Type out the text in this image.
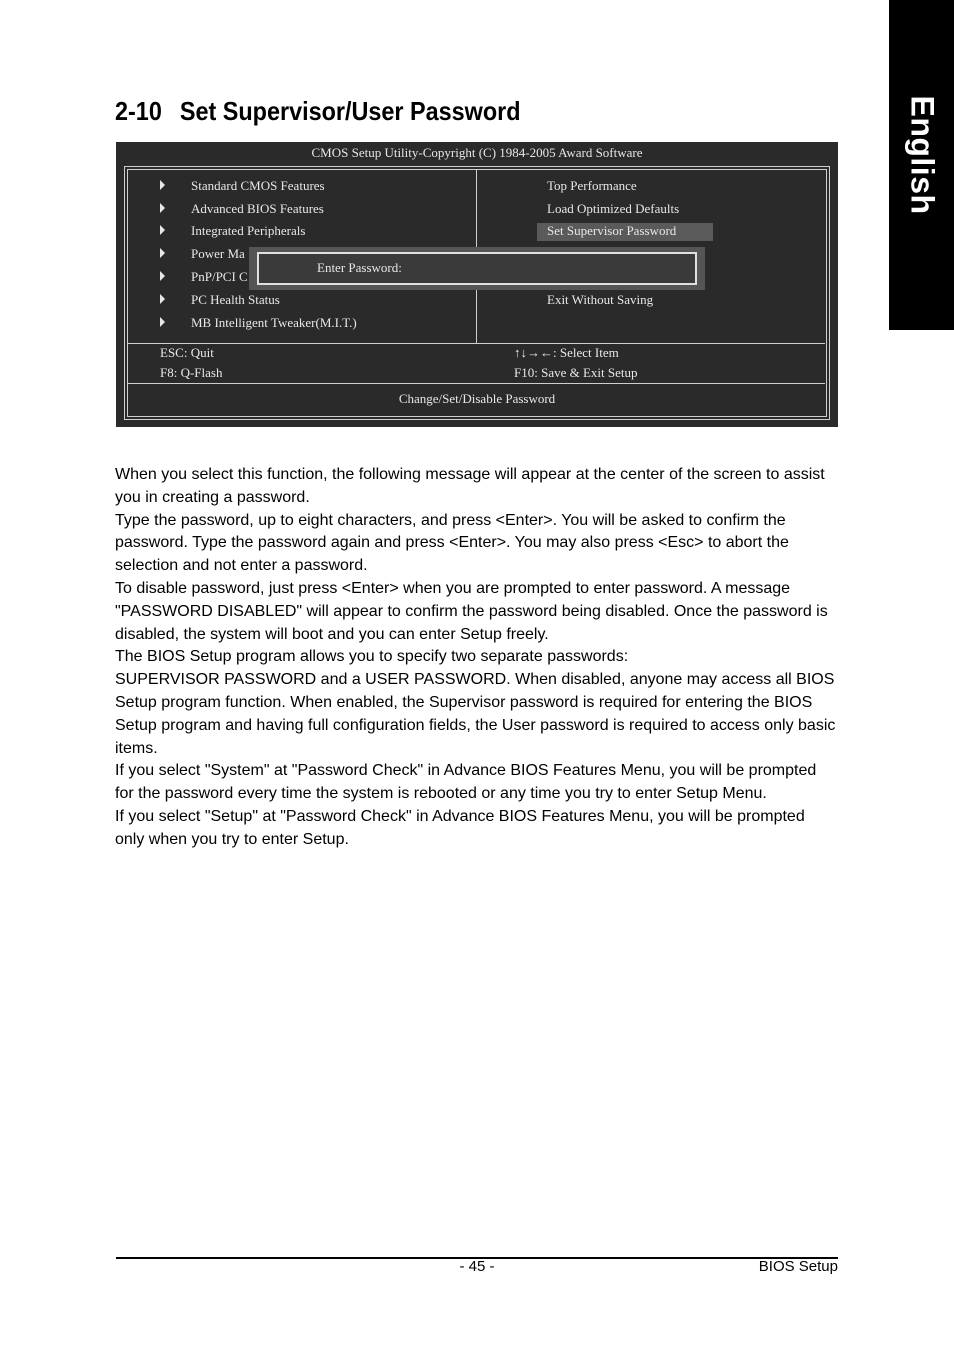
English
2-10 Set Supervisor/User Password
CMOS Setup Utility-Copyright (C) 1984-2005 Award Software
Standard CMOS Features
Advanced BIOS Features
Integrated Peripherals
Power Ma
PnP/PCI C
PC Health Status
MB Intelligent Tweaker(M.I.T.)
Top Performance
Load Optimized Defaults
Set Supervisor Password
Exit Without Saving
Enter Password:
ESC: Quit
F8: Q-Flash
↑↓→←: Select Item
F10: Save & Exit Setup
Change/Set/Disable Password

When you select this function, the following message will appear at the center of the screen to assist you in creating a password.

Type the password, up to eight characters, and press <Enter>. You will be asked to confirm the password. Type the password again and press <Enter>. You may also press <Esc> to abort the selection and not enter a password.

To disable password, just press <Enter> when you are prompted to enter password. A message "PASSWORD DISABLED" will appear to confirm the password being disabled. Once the password is disabled, the system will boot and you can enter Setup freely.

The BIOS Setup program allows you to specify two separate passwords:

SUPERVISOR PASSWORD and a USER PASSWORD. When disabled, anyone may access all BIOS Setup program function. When enabled, the Supervisor password is required for entering the BIOS Setup program and having full configuration fields, the User password is required to access only basic items.

If you select "System" at "Password Check" in Advance BIOS Features Menu, you will be prompted for the password every time the system is rebooted or any time you try to enter Setup Menu.

If you select "Setup" at "Password Check" in Advance BIOS Features Menu, you will be prompted only when you try to enter Setup.

- 45 -	BIOS Setup
